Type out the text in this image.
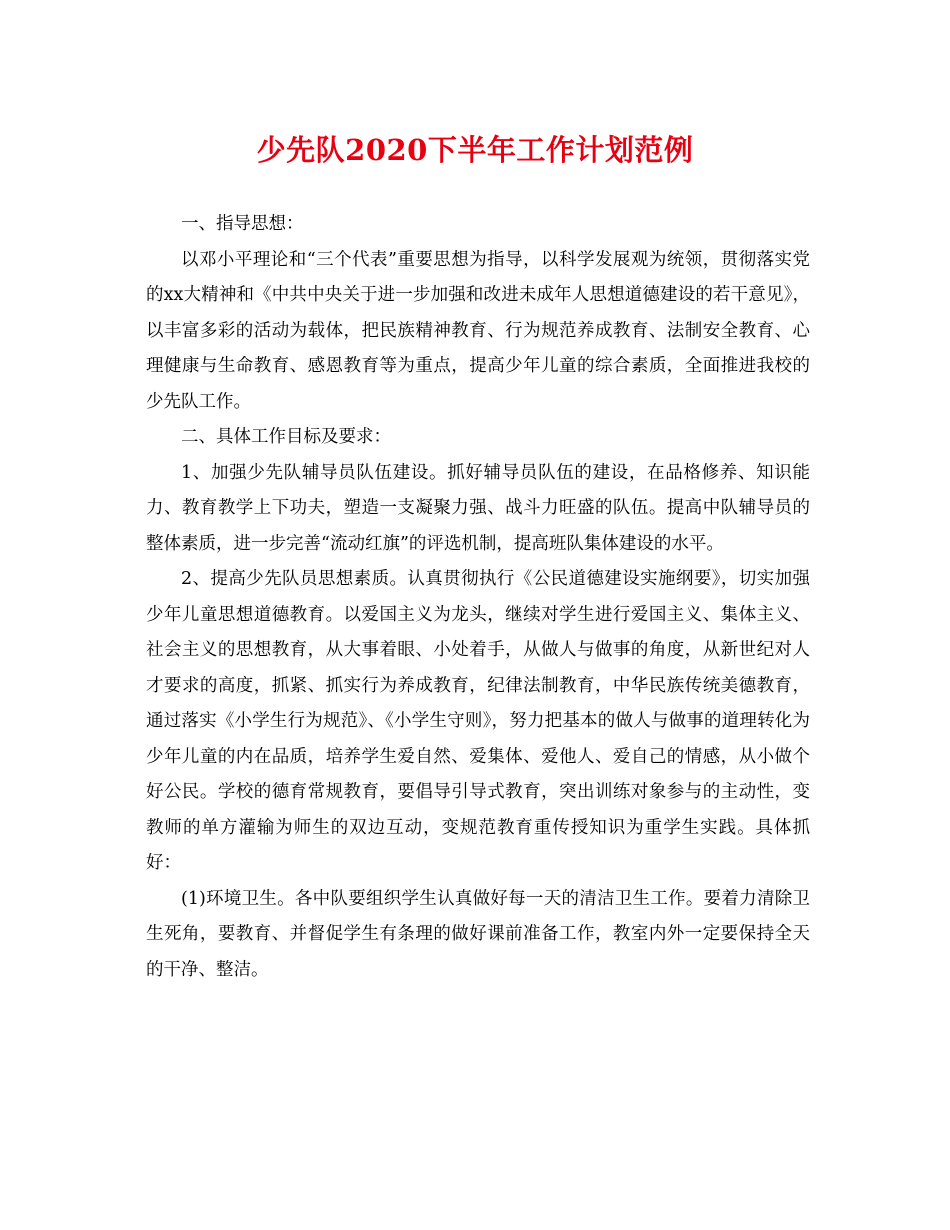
少先队2020下半年工作计划范例

一、指导思想：

以邓小平理论和“三个代表”重要思想为指导，以科学发展观为统领，贯彻落实党的xx大精神和《中共中央关于进一步加强和改进未成年人思想道德建设的若干意见》，以丰富多彩的活动为载体，把民族精神教育、行为规范养成教育、法制安全教育、心理健康与生命教育、感恩教育等为重点，提高少年儿童的综合素质，全面推进我校的少先队工作。

二、具体工作目标及要求：

1、加强少先队辅导员队伍建设。抓好辅导员队伍的建设，在品格修养、知识能力、教育教学上下功夫，塑造一支凝聚力强、战斗力旺盛的队伍。提高中队辅导员的整体素质，进一步完善“流动红旗”的评选机制，提高班队集体建设的水平。

2、提高少先队员思想素质。认真贯彻执行《公民道德建设实施纲要》，切实加强少年儿童思想道德教育。以爱国主义为龙头，继续对学生进行爱国主义、集体主义、社会主义的思想教育，从大事着眼、小处着手，从做人与做事的角度，从新世纪对人才要求的高度，抓紧、抓实行为养成教育，纪律法制教育，中华民族传统美德教育，通过落实《小学生行为规范》、《小学生守则》，努力把基本的做人与做事的道理转化为少年儿童的内在品质，培养学生爱自然、爱集体、爱他人、爱自己的情感，从小做个好公民。学校的德育常规教育，要倡导引导式教育，突出训练对象参与的主动性，变教师的单方灌输为师生的双边互动，变规范教育重传授知识为重学生实践。具体抓好：

(1)环境卫生。各中队要组织学生认真做好每一天的清洁卫生工作。要着力清除卫生死角，要教育、并督促学生有条理的做好课前准备工作，教室内外一定要保持全天的干净、整洁。
